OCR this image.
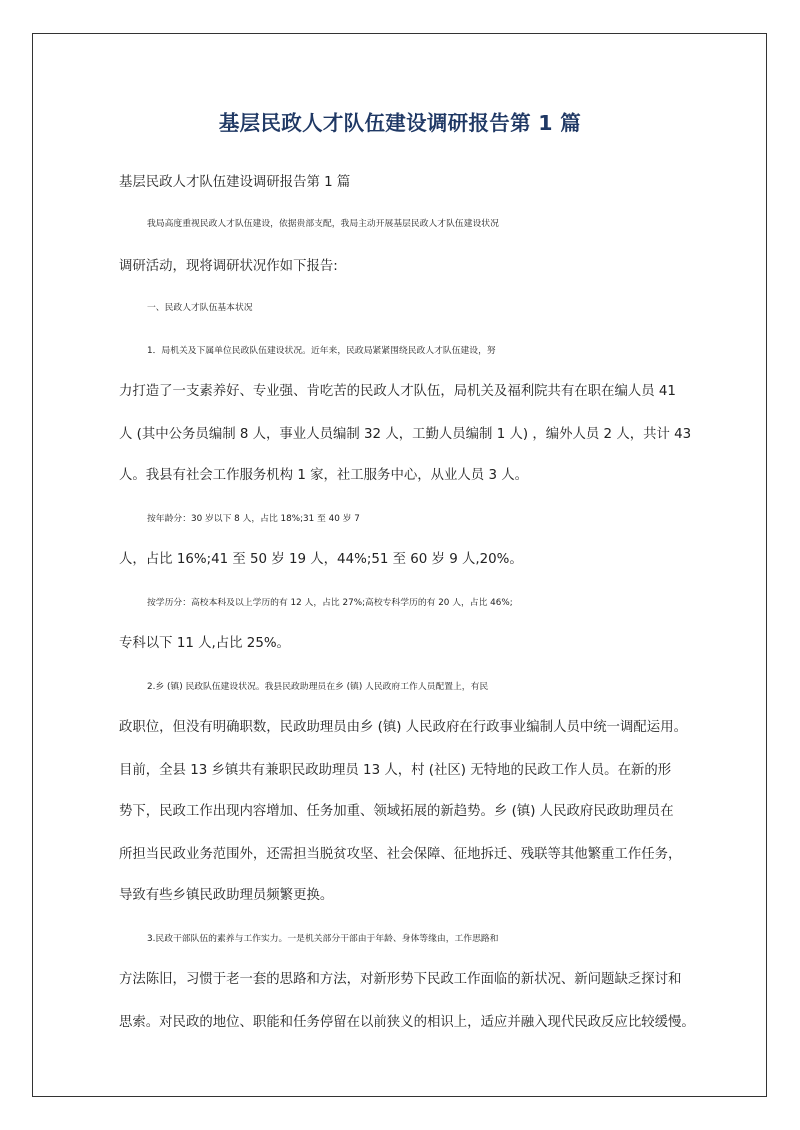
基层民政人才队伍建设调研报告第 1 篇
基层民政人才队伍建设调研报告第 1 篇
我局高度重视民政人才队伍建设，依据贵部支配，我局主动开展基层民政人才队伍建设状况
调研活动，现将调研状况作如下报告:
一、民政人才队伍基本状况
1．局机关及下属单位民政队伍建设状况。近年来，民政局紧紧围绕民政人才队伍建设，努
力打造了一支素养好、专业强、肯吃苦的民政人才队伍，局机关及福利院共有在职在编人员 41
人 (其中公务员编制 8 人，事业人员编制 32 人，工勤人员编制 1 人) ，编外人员 2 人，共计 43
人。我县有社会工作服务机构 1 家，社工服务中心，从业人员 3 人。
按年龄分：30 岁以下 8 人，占比 18%;31 至 40 岁 7
人，占比 16%;41 至 50 岁 19 人，44%;51 至 60 岁 9 人,20%。
按学历分：高校本科及以上学历的有 12 人，占比 27%;高校专科学历的有 20 人，占比 46%;
专科以下 11 人,占比 25%。
2.乡 (镇) 民政队伍建设状况。我县民政助理员在乡 (镇) 人民政府工作人员配置上，有民
政职位，但没有明确职数，民政助理员由乡 (镇) 人民政府在行政事业编制人员中统一调配运用。
目前，全县 13 乡镇共有兼职民政助理员 13 人，村 (社区) 无特地的民政工作人员。在新的形
势下，民政工作出现内容增加、任务加重、领域拓展的新趋势。乡 (镇) 人民政府民政助理员在
所担当民政业务范围外，还需担当脱贫攻坚、社会保障、征地拆迁、残联等其他繁重工作任务，
导致有些乡镇民政助理员频繁更换。
3.民政干部队伍的素养与工作实力。一是机关部分干部由于年龄、身体等缘由，工作思路和
方法陈旧，习惯于老一套的思路和方法，对新形势下民政工作面临的新状况、新问题缺乏探讨和
思索。对民政的地位、职能和任务停留在以前狭义的相识上，适应并融入现代民政反应比较缓慢。
